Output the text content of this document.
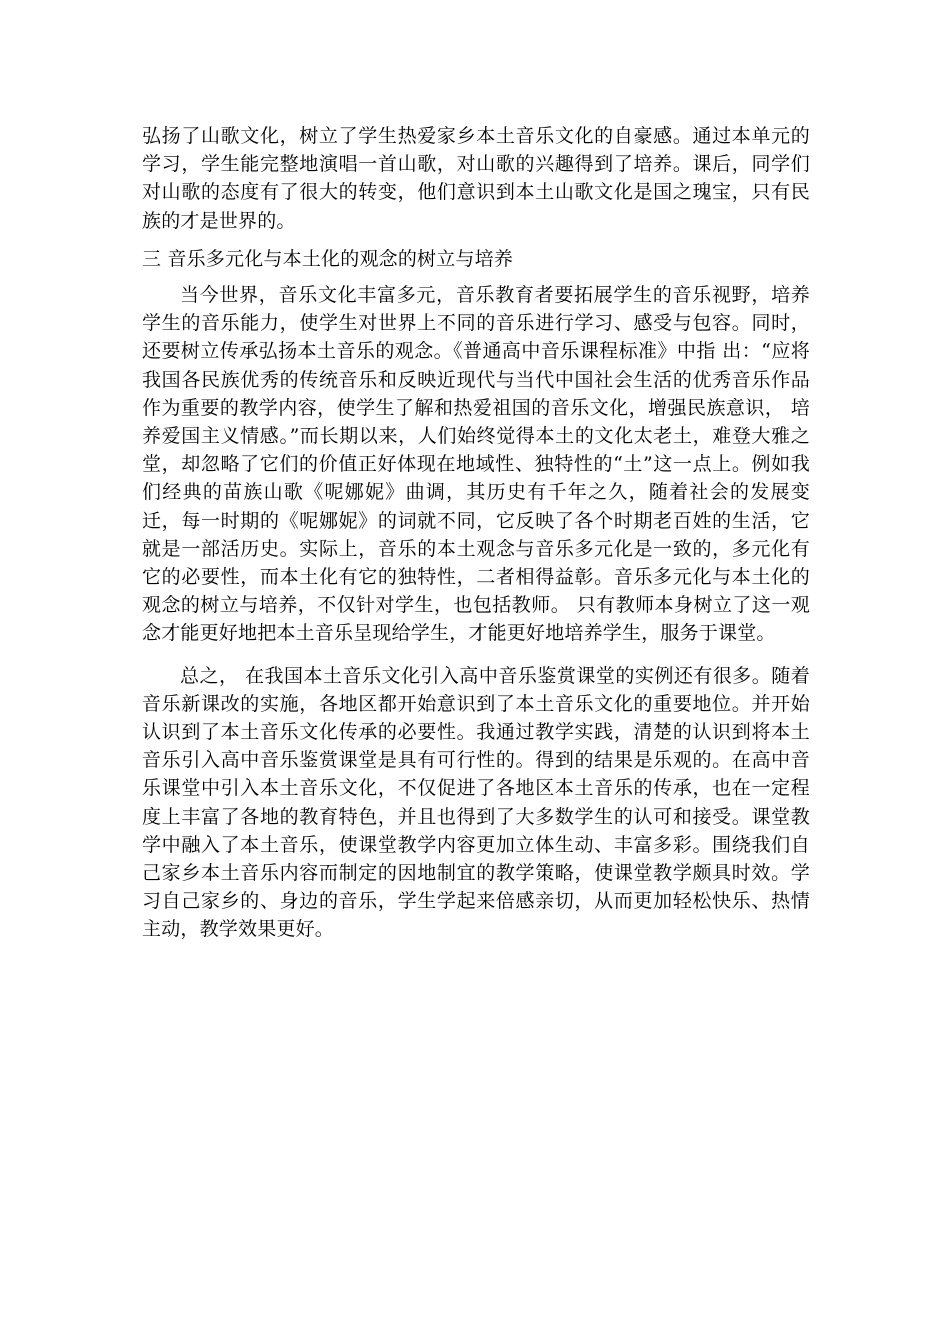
弘扬了山歌文化，树立了学生热爱家乡本土音乐文化的自豪感。通过本单元的学习，学生能完整地演唱一首山歌，对山歌的兴趣得到了培养。课后，同学们对山歌的态度有了很大的转变，他们意识到本土山歌文化是国之瑰宝，只有民族的才是世界的。

三 音乐多元化与本土化的观念的树立与培养

当今世界，音乐文化丰富多元，音乐教育者要拓展学生的音乐视野，培养学生的音乐能力，使学生对世界上不同的音乐进行学习、感受与包容。同时，还要树立传承弘扬本土音乐的观念。《普通高中音乐课程标准》中指 出：“应将我国各民族优秀的传统音乐和反映近现代与当代中国社会生活的优秀音乐作品作为重要的教学内容，使学生了解和热爱祖国的音乐文化，增强民族意识， 培养爱国主义情感。”而长期以来，人们始终觉得本土的文化太老土，难登大雅之堂，却忽略了它们的价值正好体现在地域性、独特性的“土”这一点上。例如我们经典的苗族山歌《呢娜妮》曲调，其历史有千年之久，随着社会的发展变迁，每一时期的《呢娜妮》的词就不同，它反映了各个时期老百姓的生活，它就是一部活历史。实际上，音乐的本土观念与音乐多元化是一致的，多元化有它的必要性，而本土化有它的独特性，二者相得益彰。音乐多元化与本土化的观念的树立与培养，不仅针对学生，也包括教师。 只有教师本身树立了这一观念才能更好地把本土音乐呈现给学生，才能更好地培养学生，服务于课堂。

总之， 在我国本土音乐文化引入高中音乐鉴赏课堂的实例还有很多。随着音乐新课改的实施，各地区都开始意识到了本土音乐文化的重要地位。并开始认识到了本土音乐文化传承的必要性。我通过教学实践，清楚的认识到将本土音乐引入高中音乐鉴赏课堂是具有可行性的。得到的结果是乐观的。在高中音乐课堂中引入本土音乐文化，不仅促进了各地区本土音乐的传承，也在一定程度上丰富了各地的教育特色，并且也得到了大多数学生的认可和接受。课堂教学中融入了本土音乐，使课堂教学内容更加立体生动、丰富多彩。围绕我们自己家乡本土音乐内容而制定的因地制宜的教学策略，使课堂教学颇具时效。学习自己家乡的、身边的音乐，学生学起来倍感亲切，从而更加轻松快乐、热情主动，教学效果更好。
